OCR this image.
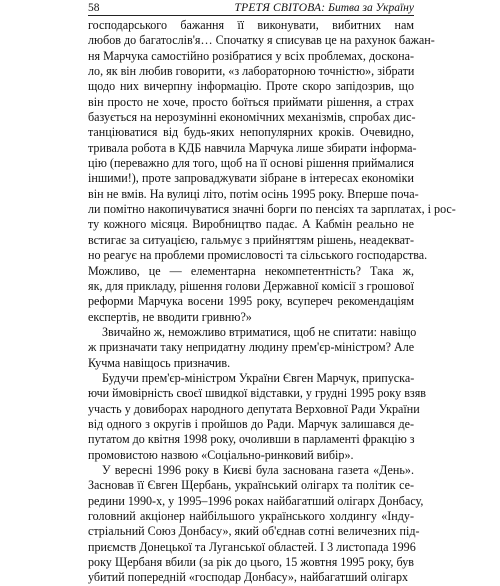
58	ТРЕТЯ СВІТОВА: Битва за Україну
господарського бажання її виконувати, вибитних нам
любов до багатослів'я… Спочатку я списував це на рахунок бажан-
ня Марчука самостійно розібратися у всіх проблемах, доскона-
ло, як він любив говорити, «з лабораторною точністю», зібрати
щодо них вичерпну інформацію. Проте скоро запідозрив, що
він просто не хоче, просто боїться приймати рішення, а страх
базується на нерозумінні економічних механізмів, спробах дис-
танціюватися від будь-яких непопулярних кроків. Очевидно,
тривала робота в КДБ навчила Марчука лише збирати інформа-
цію (переважно для того, щоб на її основі рішення приймалися
іншими!), проте запроваджувати зібране в інтересах економіки
він не вмів. На вулиці літо, потім осінь 1995 року. Вперше поча-
ли помітно накопичуватися значні борги по пенсіях та зарплатах, і рос-
ту кожного місяця. Виробництво падає. А Кабмін реально не
встигає за ситуацією, гальмує з прийняттям рішень, неадекват-
но реагує на проблеми промисловості та сільського господарства.
Можливо, це — елементарна некомпетентність? Така ж,
як, для прикладу, рішення голови Державної комісії з грошової
реформи Марчука восени 1995 року, всупереч рекомендаціям
експертів, не вводити гривню?»
Звичайно ж, неможливо втриматися, щоб не спитати: навіщо
ж призначати таку непридатну людину прем'єр-міністром? Але
Кучма навіщось призначив.
Будучи прем'єр-міністром України Євген Марчук, припуска-
ючи ймовірність своєї швидкої відставки, у грудні 1995 року взяв
участь у довиборах народного депутата Верховної Ради України
від одного з округів і пройшов до Ради. Марчук залишався де-
путатом до квітня 1998 року, очоливши в парламенті фракцію з
промовистою назвою «Соціально-ринковий вибір».
У вересні 1996 року в Києві була заснована газета «День».
Засновав її Євген Щербань, український олігарх та політик се-
редини 1990-х, у 1995–1996 роках найбагатший олігарх Донбасу,
головний акціонер найбільшого українського холдингу «Інду-
стріальний Союз Донбасу», який об'єднав сотні величезних під-
приємств Донецької та Луганської областей. І 3 листопада 1996
року Щербаня вбили (за рік до цього, 15 жовтня 1995 року, був
убитий попередній «господар Донбасу», найбагатший олігарх
